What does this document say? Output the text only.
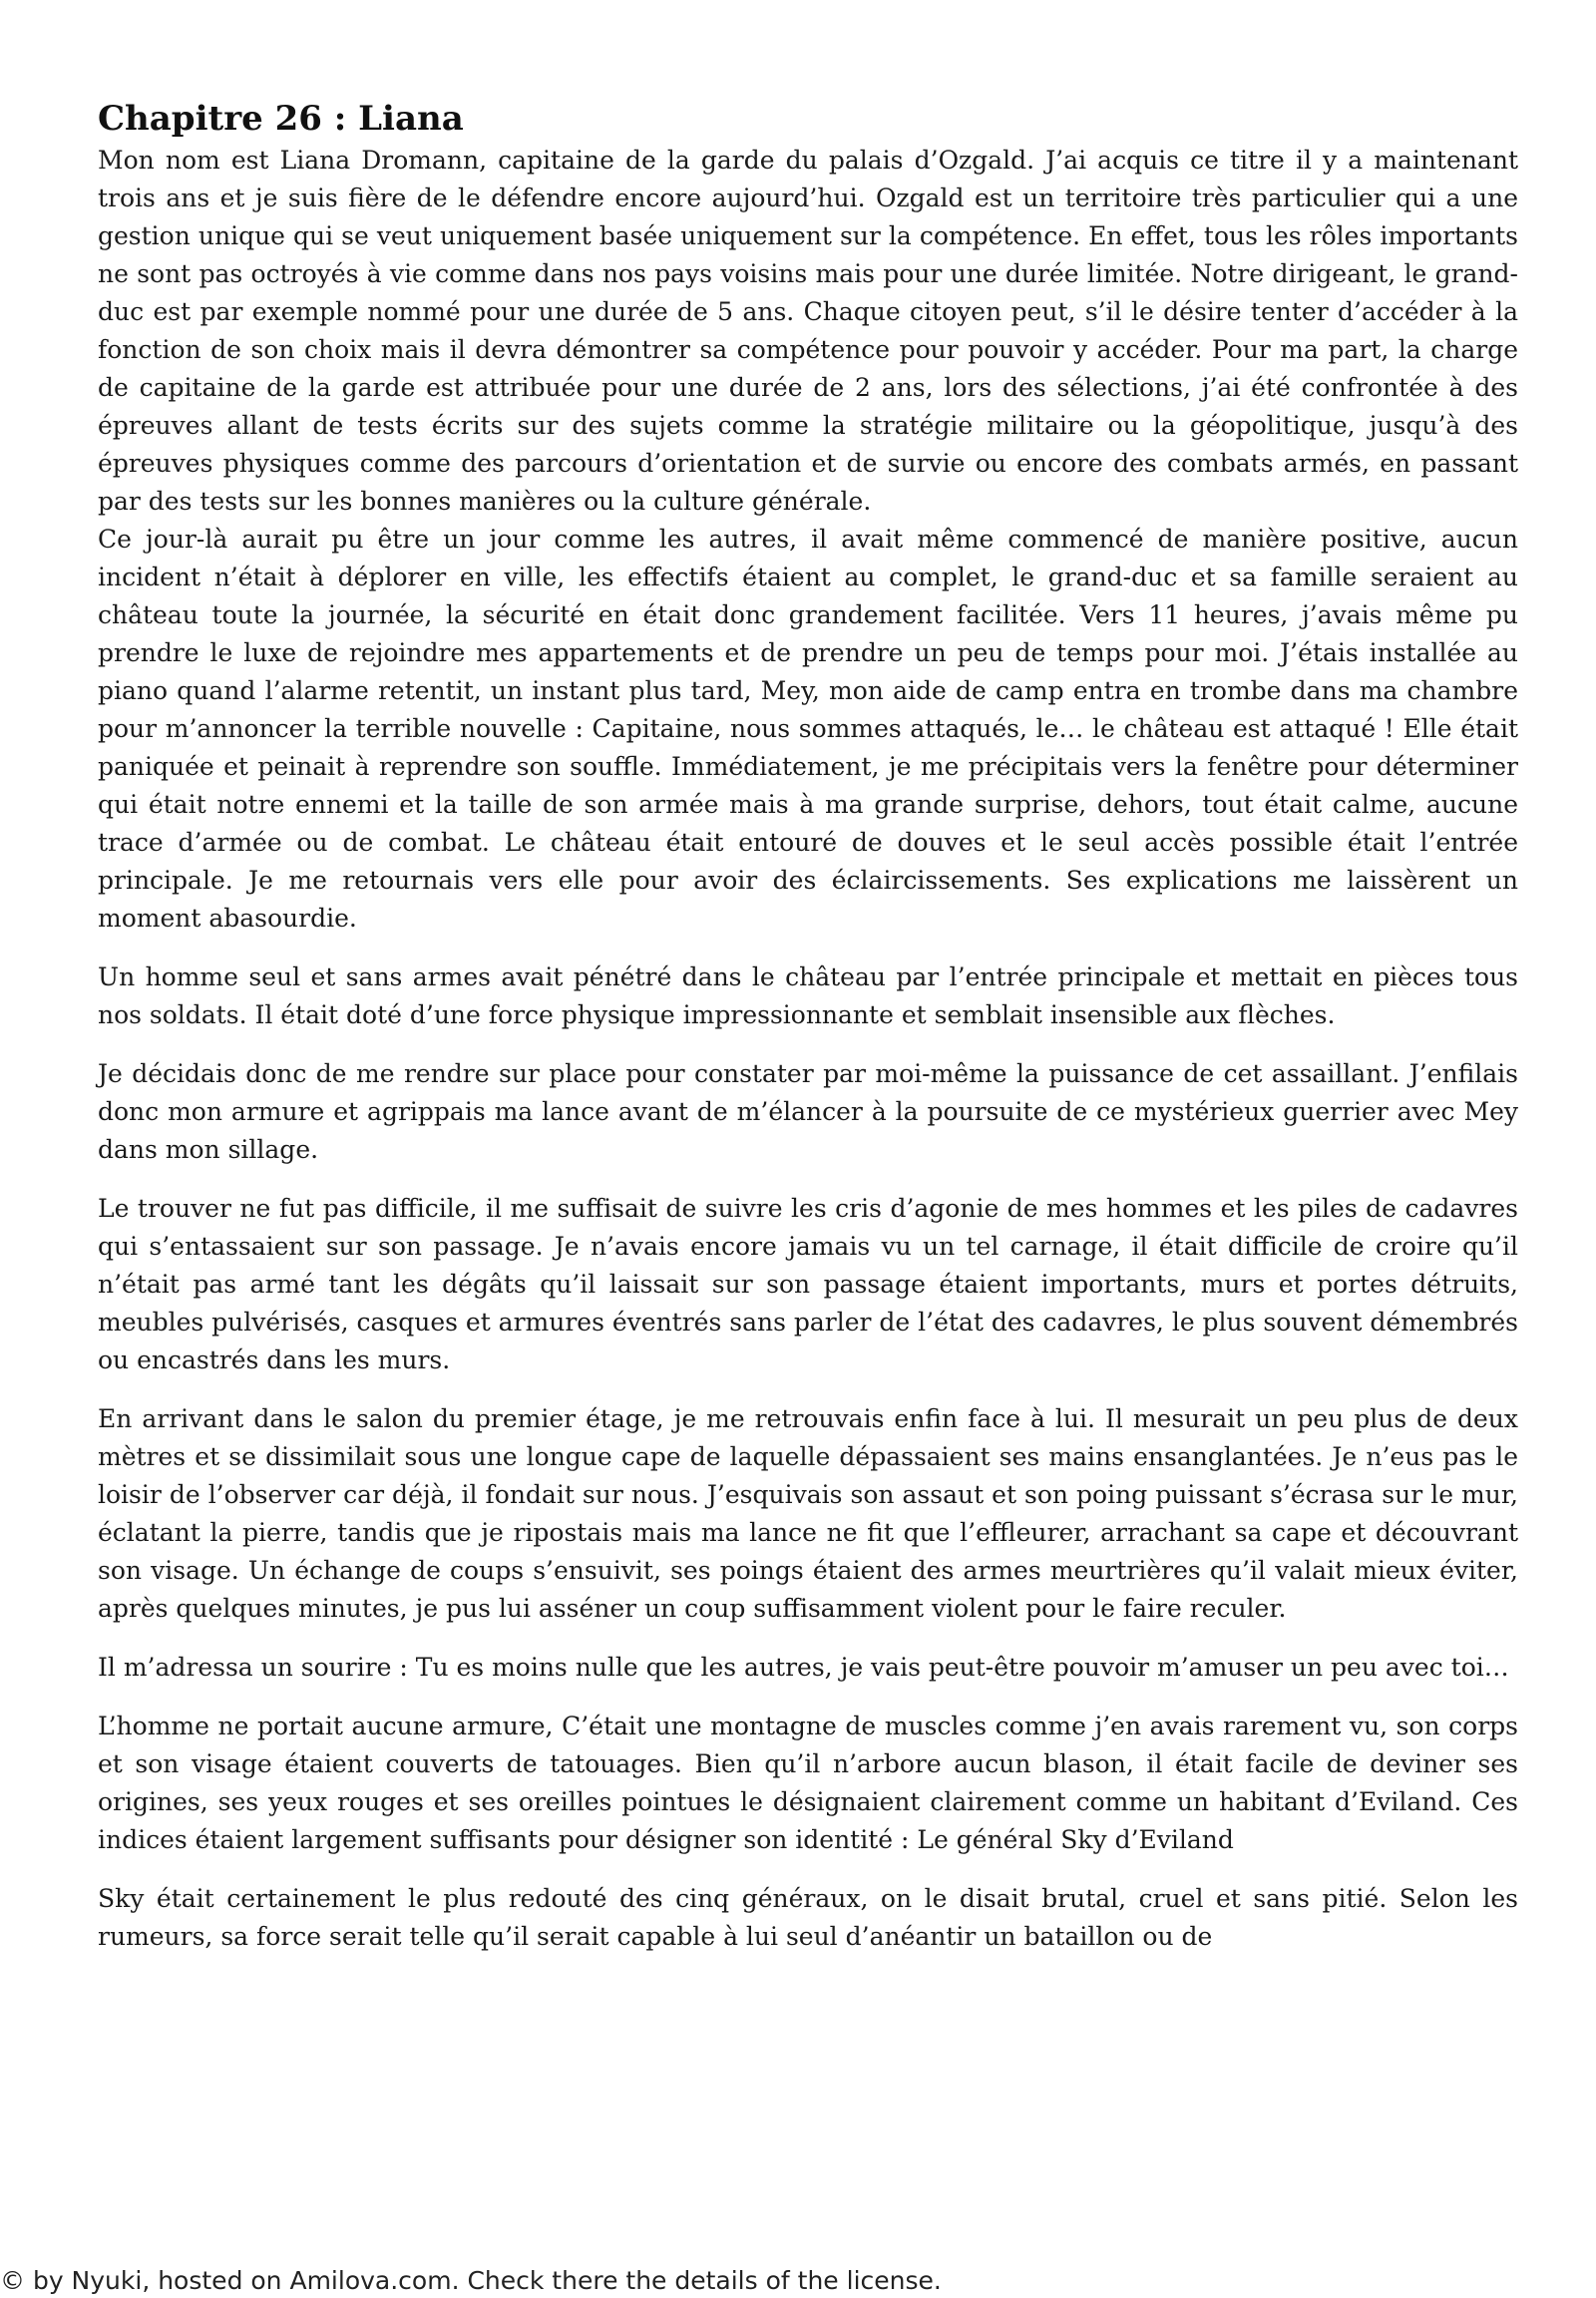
Chapitre 26 : Liana

Mon nom est Liana Dromann, capitaine de la garde du palais d’Ozgald. J’ai acquis ce titre il y a maintenant trois ans et je suis fière de le défendre encore aujourd’hui. Ozgald est un territoire très particulier qui a une gestion unique qui se veut uniquement basée uniquement sur la compétence. En effet, tous les rôles importants ne sont pas octroyés à vie comme dans nos pays voisins mais pour une durée limitée. Notre dirigeant, le grand-duc est par exemple nommé pour une durée de 5 ans. Chaque citoyen peut, s’il le désire tenter d’accéder à la fonction de son choix mais il devra démontrer sa compétence pour pouvoir y accéder. Pour ma part, la charge de capitaine de la garde est attribuée pour une durée de 2 ans, lors des sélections, j’ai été confrontée à des épreuves allant de tests écrits sur des sujets comme la stratégie militaire ou la géopolitique, jusqu’à des épreuves physiques comme des parcours d’orientation et de survie ou encore des combats armés, en passant par des tests sur les bonnes manières ou la culture générale.

Ce jour-là aurait pu être un jour comme les autres, il avait même commencé de manière positive, aucun incident n’était à déplorer en ville, les effectifs étaient au complet, le grand-duc et sa famille seraient au château toute la journée, la sécurité en était donc grandement facilitée. Vers 11 heures, j’avais même pu prendre le luxe de rejoindre mes appartements et de prendre un peu de temps pour moi. J’étais installée au piano quand l’alarme retentit, un instant plus tard, Mey, mon aide de camp entra en trombe dans ma chambre pour m’annoncer la terrible nouvelle : Capitaine, nous sommes attaqués, le… le château est attaqué ! Elle était paniquée et peinait à reprendre son souffle. Immédiatement, je me précipitais vers la fenêtre pour déterminer qui était notre ennemi et la taille de son armée mais à ma grande surprise, dehors, tout était calme, aucune trace d’armée ou de combat. Le château était entouré de douves et le seul accès possible était l’entrée principale. Je me retournais vers elle pour avoir des éclaircissements. Ses explications me laissèrent un moment abasourdie.

Un homme seul et sans armes avait pénétré dans le château par l’entrée principale et mettait en pièces tous nos soldats. Il était doté d’une force physique impressionnante et semblait insensible aux flèches.

Je décidais donc de me rendre sur place pour constater par moi-même la puissance de cet assaillant. J’enfilais donc mon armure et agrippais ma lance avant de m’élancer à la poursuite de ce mystérieux guerrier avec Mey dans mon sillage.

Le trouver ne fut pas difficile, il me suffisait de suivre les cris d’agonie de mes hommes et les piles de cadavres qui s’entassaient sur son passage. Je n’avais encore jamais vu un tel carnage, il était difficile de croire qu’il n’était pas armé tant les dégâts qu’il laissait sur son passage étaient importants, murs et portes détruits, meubles pulvérisés, casques et armures éventrés sans parler de l’état des cadavres, le plus souvent démembrés ou encastrés dans les murs.

En arrivant dans le salon du premier étage, je me retrouvais enfin face à lui. Il mesurait un peu plus de deux mètres et se dissimilait sous une longue cape de laquelle dépassaient ses mains ensanglantées. Je n’eus pas le loisir de l’observer car déjà, il fondait sur nous. J’esquivais son assaut et son poing puissant s’écrasa sur le mur, éclatant la pierre, tandis que je ripostais mais ma lance ne fit que l’effleurer, arrachant sa cape et découvrant son visage. Un échange de coups s’ensuivit, ses poings étaient des armes meurtrières qu’il valait mieux éviter, après quelques minutes, je pus lui asséner un coup suffisamment violent pour le faire reculer.

Il m’adressa un sourire : Tu es moins nulle que les autres, je vais peut-être pouvoir m’amuser un peu avec toi…

L’homme ne portait aucune armure, C’était une montagne de muscles comme j’en avais rarement vu, son corps et son visage étaient couverts de tatouages. Bien qu’il n’arbore aucun blason, il était facile de deviner ses origines, ses yeux rouges et ses oreilles pointues le désignaient clairement comme un habitant d’Eviland. Ces indices étaient largement suffisants pour désigner son identité : Le général Sky d’Eviland

Sky était certainement le plus redouté des cinq généraux, on le disait brutal, cruel et sans pitié. Selon les rumeurs, sa force serait telle qu’il serait capable à lui seul d’anéantir un bataillon ou de

© by Nyuki, hosted on Amilova.com. Check there the details of the license.
